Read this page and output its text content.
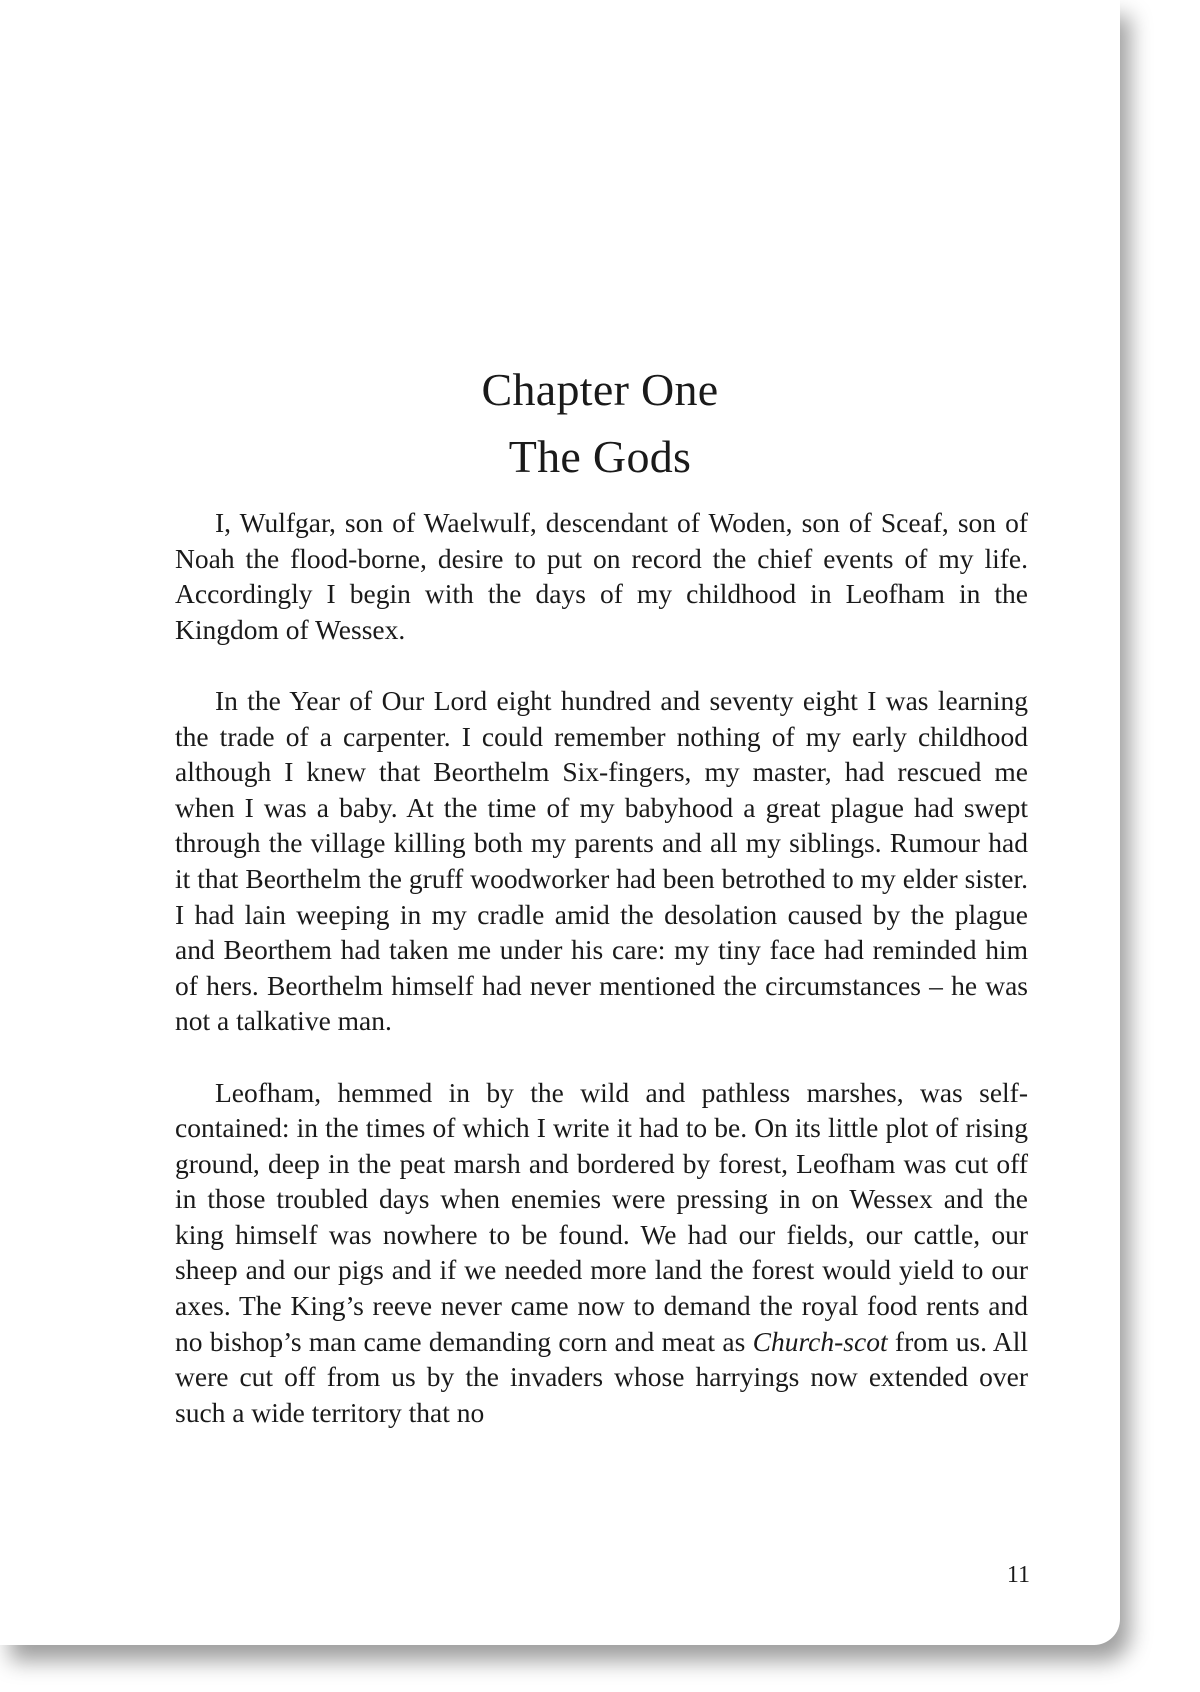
Chapter One
The Gods

I, Wulfgar, son of Waelwulf, descendant of Woden, son of Sceaf, son of Noah the flood-borne, desire to put on record the chief events of my life. Accordingly I begin with the days of my childhood in Leofham in the Kingdom of Wessex.

In the Year of Our Lord eight hundred and seventy eight I was learning the trade of a carpenter. I could remember nothing of my early childhood although I knew that Beorthelm Six-fingers, my master, had rescued me when I was a baby. At the time of my babyhood a great plague had swept through the village killing both my parents and all my siblings. Rumour had it that Beorthelm the gruff woodworker had been betrothed to my elder sister. I had lain weeping in my cradle amid the desolation caused by the plague and Beorthem had taken me under his care: my tiny face had reminded him of hers. Beorthelm himself had never mentioned the circumstances – he was not a talkative man.

Leofham, hemmed in by the wild and pathless marshes, was self-contained: in the times of which I write it had to be. On its little plot of rising ground, deep in the peat marsh and bordered by forest, Leofham was cut off in those troubled days when enemies were pressing in on Wessex and the king himself was nowhere to be found. We had our fields, our cattle, our sheep and our pigs and if we needed more land the forest would yield to our axes. The King’s reeve never came now to demand the royal food rents and no bishop’s man came demanding corn and meat as Church-scot from us. All were cut off from us by the invaders whose harryings now extended over such a wide territory that no

11
